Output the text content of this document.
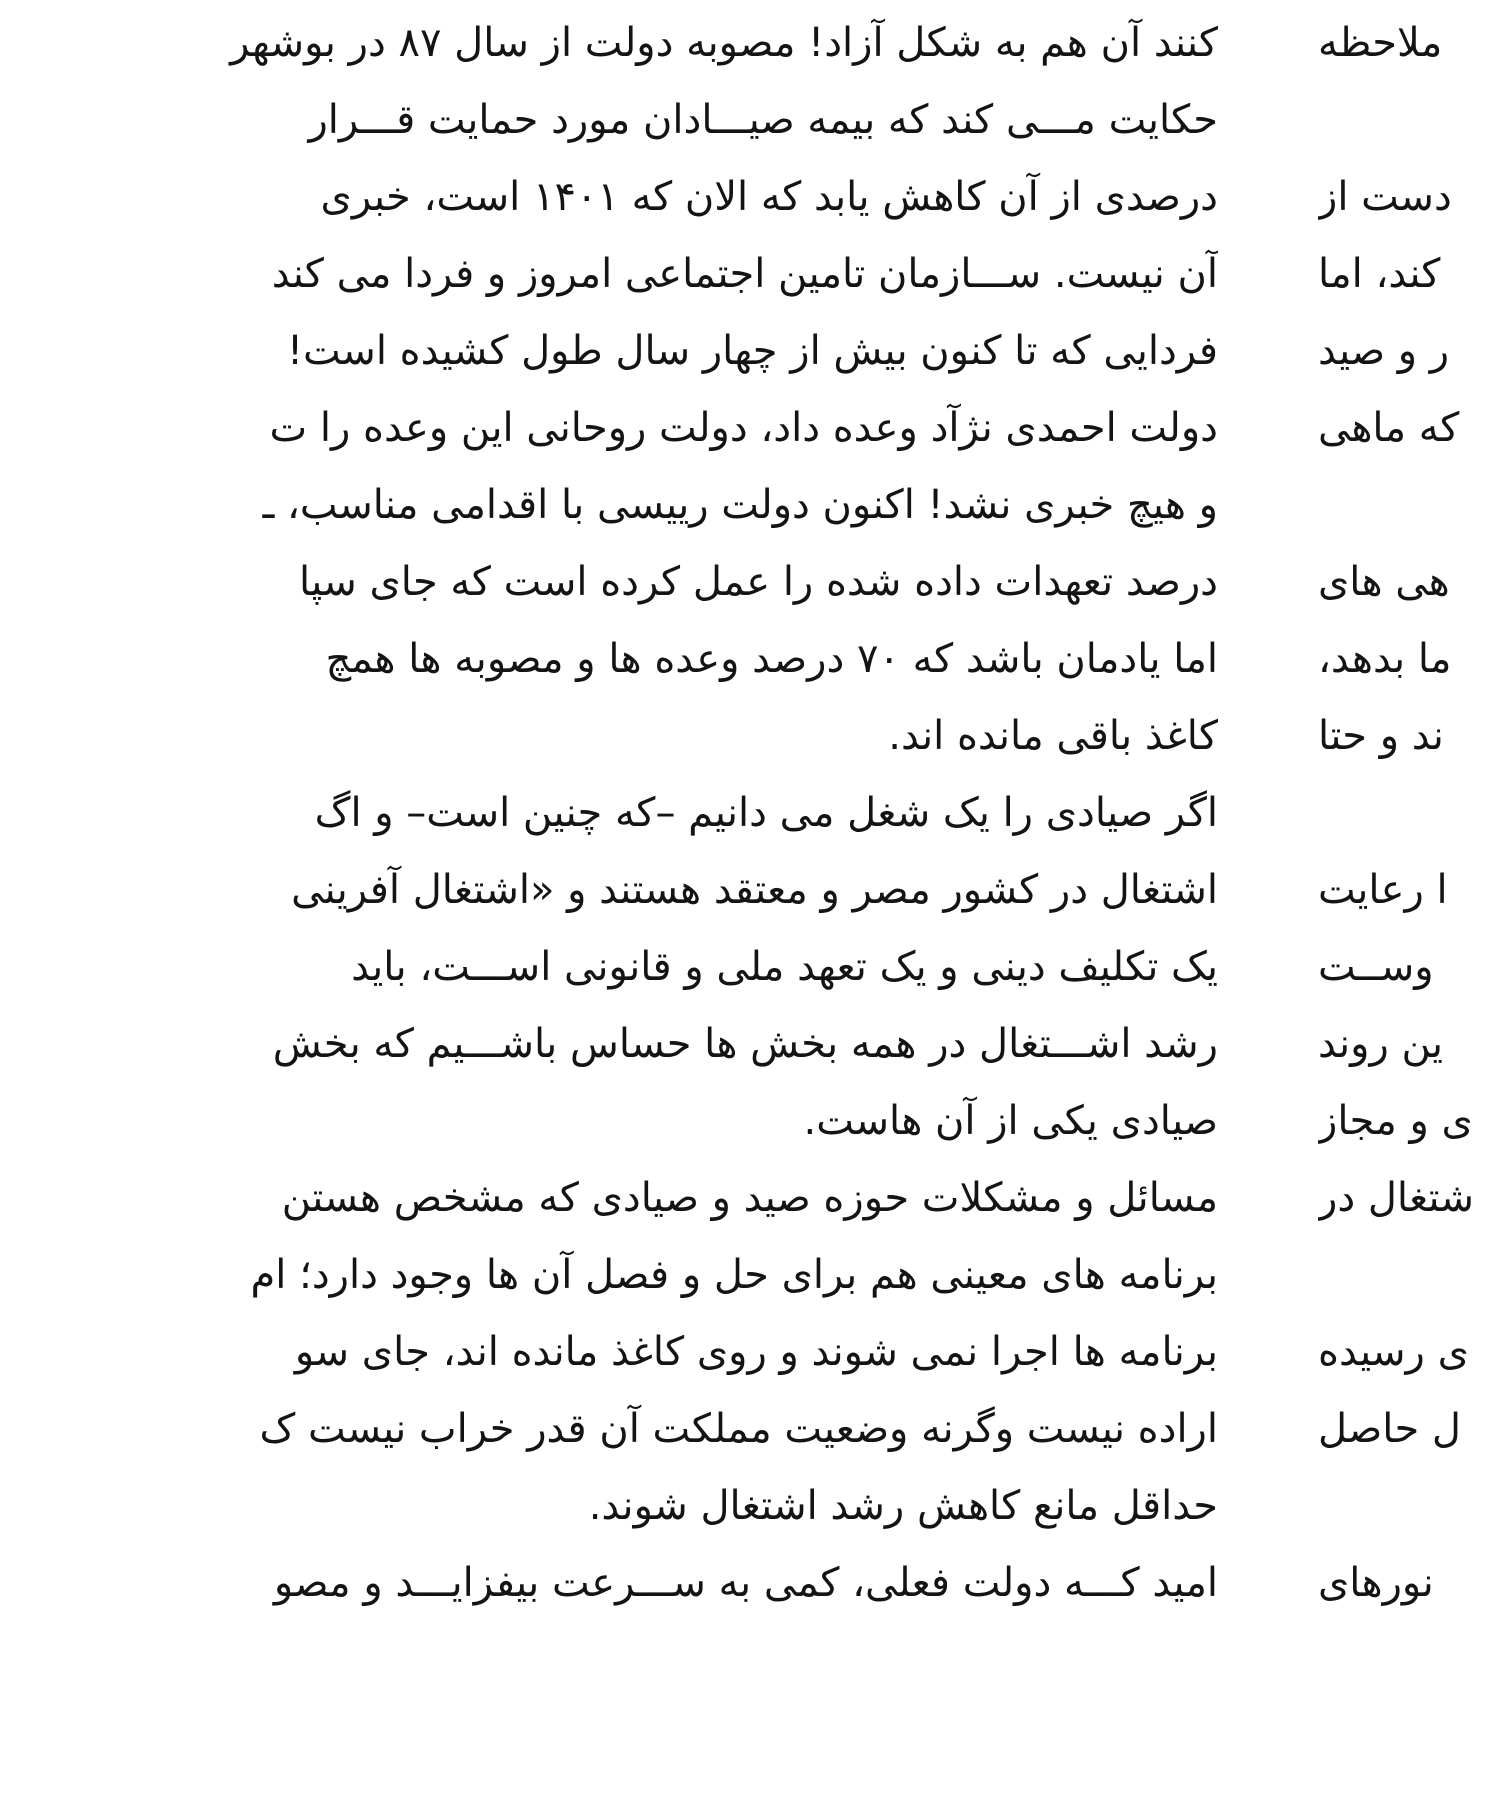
کنند آن هم به شکل آزاد! مصوبه دولت از سال ۸۷ در بوشهر
حکایت مـــی کند که بیمه صیـــادان مورد حمایت قـــرار
درصدی از آن کاهش یابد که الان که ۱۴۰۱ است، خبری
آن نیست. ســـازمان تامین اجتماعی امروز و فردا می کند
فردایی که تا کنون بیش از چهار سال طول کشیده است!
دولت احمدی نژآد وعده داد، دولت روحانی این وعده را ت
و هیچ خبری نشد! اکنون دولت رییسی با اقدامی مناسب، ـ
درصد تعهدات داده شده را عمل کرده است که جای سپا
اما یادمان باشد که ۷۰ درصد وعده ها و مصوبه ها همچ
کاغذ باقی مانده اند.
اگر صیادی را یک شغل می دانیم –که چنین است– و اگ
اشتغال در کشور مصر و معتقد هستند و «اشتغال آفرینی
یک تکلیف دینی و یک تعهد ملی و قانونی اســـت، باید
رشد اشـــتغال در همه بخش ها حساس باشـــیم که بخش
صیادی یکی از آن هاست.
مسائل و مشکلات حوزه صید و صیادی که مشخص هستن
برنامه های معینی هم برای حل و فصل آن ها وجود دارد؛ ام
برنامه ها اجرا نمی شوند و روی کاغذ مانده اند، جای سو
اراده نیست وگرنه وضعیت مملکت آن قدر خراب نیست ک
حداقل مانع کاهش رشد اشتغال شوند.
امید کـــه دولت فعلی، کمی به ســـرعت بیفزایـــد و مصو
ملاحظه
دست از
کند، اما
ر و صید
که ماهی
هی های
ما بدهد،
ند و حتا
ا رعایت
وســت
ین روند
ی و مجاز
شتغال در
ی رسیده
ل حاصل
نورهای
